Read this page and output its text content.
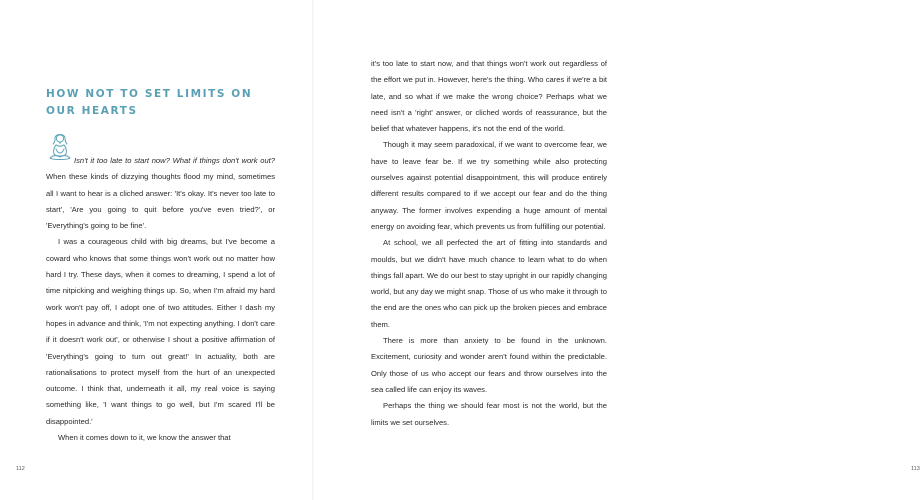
HOW NOT TO SET LIMITS ON
OUR HEARTS

Isn't it too late to start now? What if things don't work out? When these kinds of dizzying thoughts flood my mind, sometimes all I want to hear is a cliched answer: 'It's okay. It's never too late to start', 'Are you going to quit before you've even tried?', or 'Everything's going to be fine'.

I was a courageous child with big dreams, but I've become a coward who knows that some things won't work out no matter how hard I try. These days, when it comes to dreaming, I spend a lot of time nitpicking and weighing things up. So, when I'm afraid my hard work won't pay off, I adopt one of two attitudes. Either I dash my hopes in advance and think, 'I'm not expecting anything. I don't care if it doesn't work out', or otherwise I shout a positive affirmation of 'Everything's going to turn out great!' In actuality, both are rationalisations to protect myself from the hurt of an unexpected outcome. I think that, underneath it all, my real voice is saying something like, 'I want things to go well, but I'm scared I'll be disappointed.'

When it comes down to it, we know the answer that

112	113

it's too late to start now, and that things won't work out regardless of the effort we put in. However, here's the thing. Who cares if we're a bit late, and so what if we make the wrong choice? Perhaps what we need isn't a 'right' answer, or cliched words of reassurance, but the belief that whatever happens, it's not the end of the world.

Though it may seem paradoxical, if we want to overcome fear, we have to leave fear be. If we try something while also protecting ourselves against potential disappointment, this will produce entirely different results compared to if we accept our fear and do the thing anyway. The former involves expending a huge amount of mental energy on avoiding fear, which prevents us from fulfilling our potential.

At school, we all perfected the art of fitting into standards and moulds, but we didn't have much chance to learn what to do when things fall apart. We do our best to stay upright in our rapidly changing world, but any day we might snap. Those of us who make it through to the end are the ones who can pick up the broken pieces and embrace them.

There is more than anxiety to be found in the unknown. Excitement, curiosity and wonder aren't found within the predictable. Only those of us who accept our fears and throw ourselves into the sea called life can enjoy its waves.

Perhaps the thing we should fear most is not the world, but the limits we set ourselves.
